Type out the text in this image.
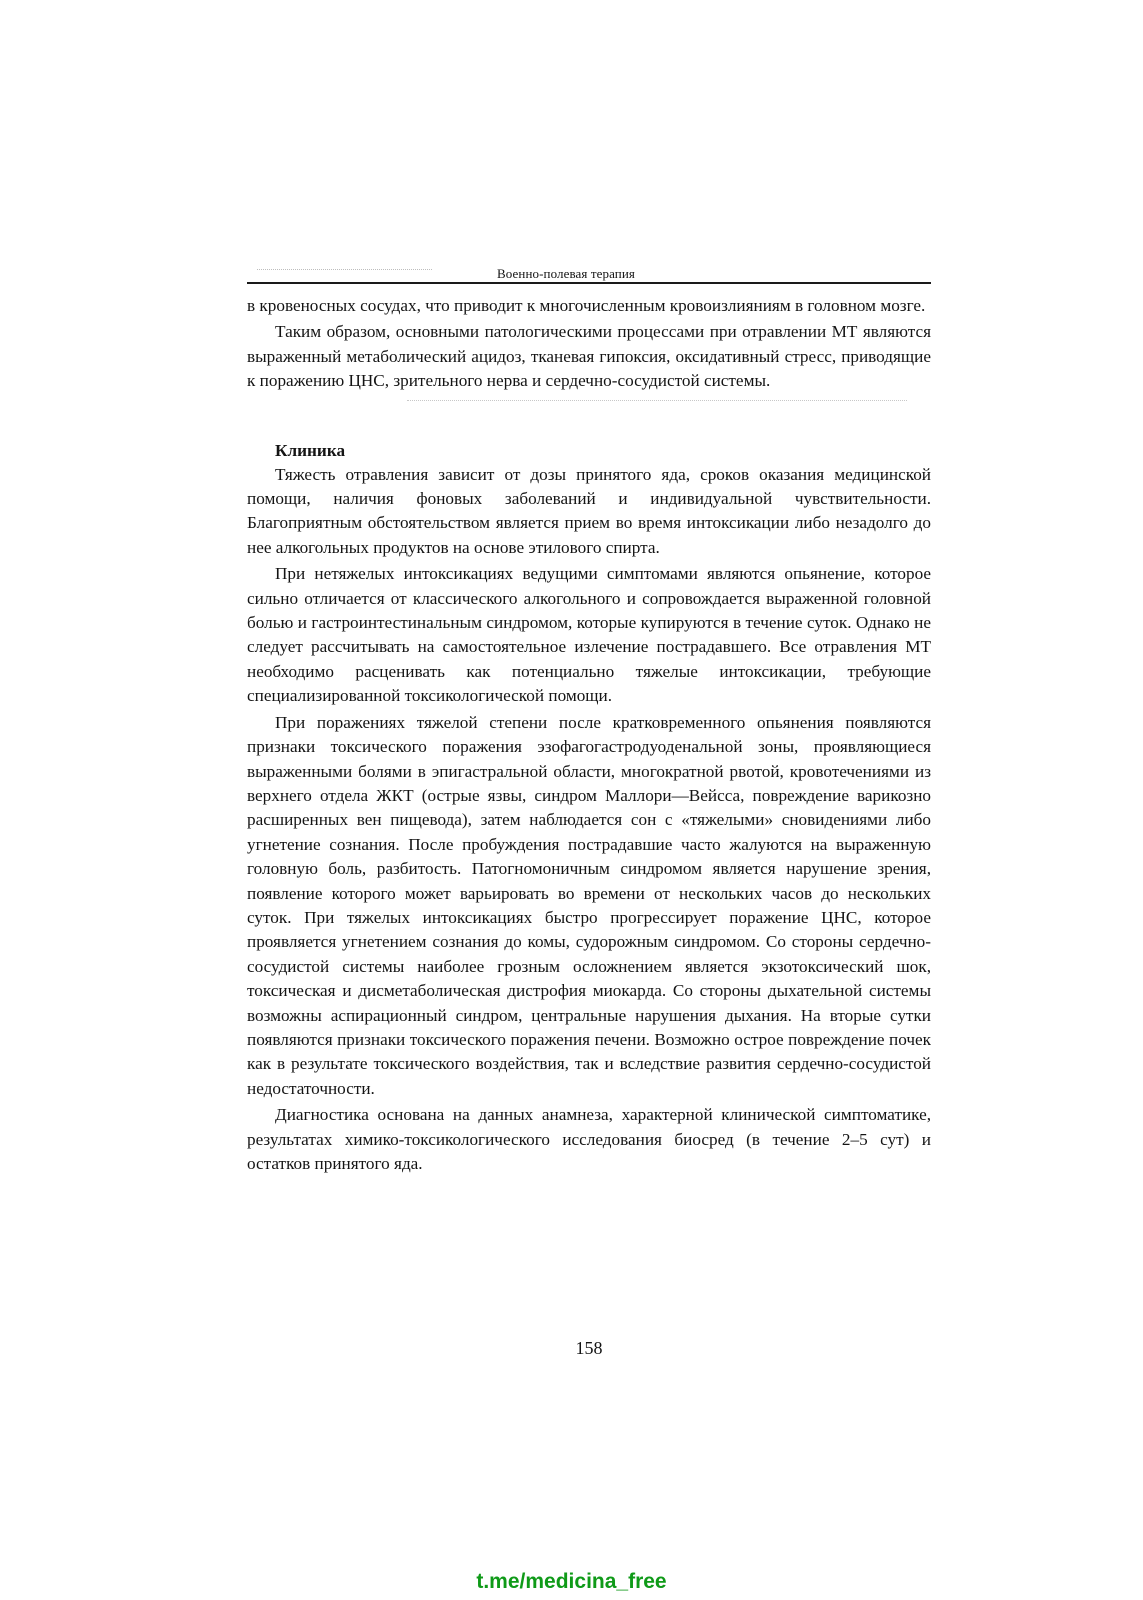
Военно-полевая терапия

в кровеносных сосудах, что приводит к многочисленным кровоизлияниям в головном мозге.

Таким образом, основными патологическими процессами при отравлении МТ являются выраженный метаболический ацидоз, тканевая гипоксия, оксидативный стресс, приводящие к поражению ЦНС, зрительного нерва и сердечно-сосудистой системы.

Клиника

Тяжесть отравления зависит от дозы принятого яда, сроков оказания медицинской помощи, наличия фоновых заболеваний и индивидуальной чувствительности. Благоприятным обстоятельством является прием во время интоксикации либо незадолго до нее алкогольных продуктов на основе этилового спирта.

При нетяжелых интоксикациях ведущими симптомами являются опьянение, которое сильно отличается от классического алкогольного и сопровождается выраженной головной болью и гастроинтестинальным синдромом, которые купируются в течение суток. Однако не следует рассчитывать на самостоятельное излечение пострадавшего. Все отравления МТ необходимо расценивать как потенциально тяжелые интоксикации, требующие специализированной токсикологической помощи.

При поражениях тяжелой степени после кратковременного опьянения появляются признаки токсического поражения эзофагогастродуоденальной зоны, проявляющиеся выраженными болями в эпигастральной области, многократной рвотой, кровотечениями из верхнего отдела ЖКТ (острые язвы, синдром Маллори—Вейсса, повреждение варикозно расширенных вен пищевода), затем наблюдается сон с «тяжелыми» сновидениями либо угнетение сознания. После пробуждения пострадавшие часто жалуются на выраженную головную боль, разбитость. Патогномоничным синдромом является нарушение зрения, появление которого может варьировать во времени от нескольких часов до нескольких суток. При тяжелых интоксикациях быстро прогрессирует поражение ЦНС, которое проявляется угнетением сознания до комы, судорожным синдромом. Со стороны сердечно-сосудистой системы наиболее грозным осложнением является экзотоксический шок, токсическая и дисметаболическая дистрофия миокарда. Со стороны дыхательной системы возможны аспирационный синдром, центральные нарушения дыхания. На вторые сутки появляются признаки токсического поражения печени. Возможно острое повреждение почек как в результате токсического воздействия, так и вследствие развития сердечно-сосудистой недостаточности.

Диагностика основана на данных анамнеза, характерной клинической симптоматике, результатах химико-токсикологического исследования биосред (в течение 2–5 сут) и остатков принятого яда.

158
t.me/medicina_free
